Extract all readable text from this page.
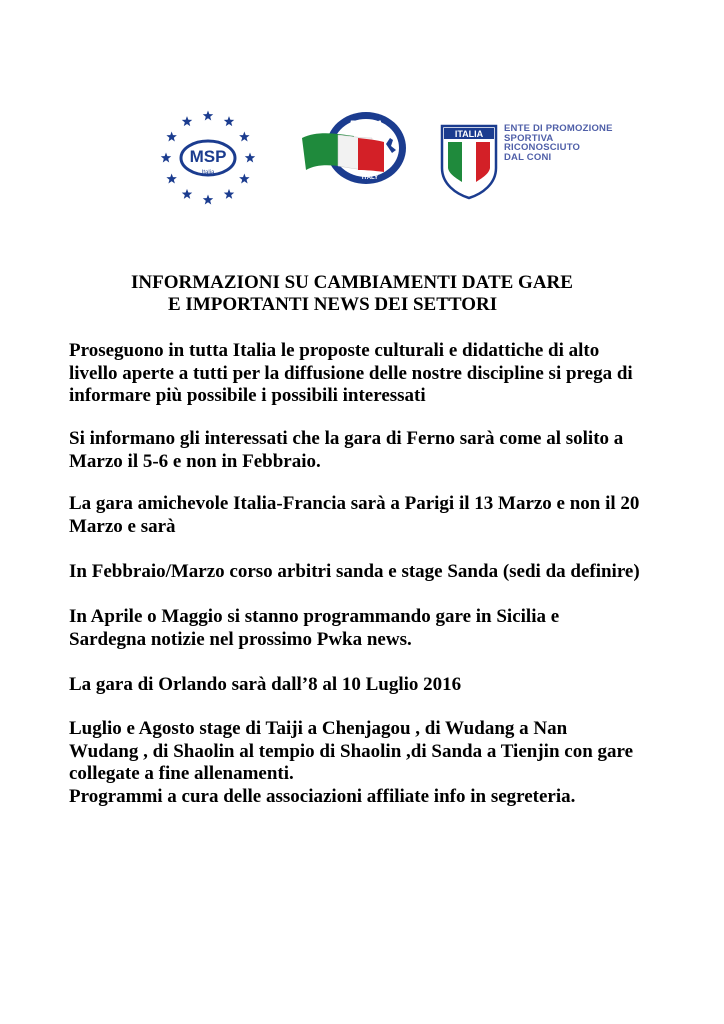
MSP
Italia
PWKA
ITALY
ITALIA ENTE DI PROMOZIONE
SPORTIVA
RICONOSCIUTO
DAL CONI
INFORMAZIONI SU CAMBIAMENTI DATE GARE
E IMPORTANTI NEWS DEI SETTORI
Proseguono in tutta Italia le proposte culturali e didattiche di alto
livello aperte a tutti per la diffusione delle nostre discipline si prega di
informare più possibile i possibili interessati
Si informano gli interessati che la gara di Ferno sarà come al solito a
Marzo il 5-6 e non in Febbraio.
La gara amichevole Italia-Francia sarà a Parigi il 13 Marzo e non il 20
Marzo e sarà
In Febbraio/Marzo corso arbitri sanda e stage Sanda (sedi da definire)
In Aprile o Maggio si stanno programmando gare in Sicilia e
Sardegna notizie nel prossimo Pwka news.
La gara di Orlando sarà dall’8 al 10 Luglio 2016
Luglio e Agosto stage di Taiji a Chenjagou , di Wudang a Nan
Wudang , di Shaolin al tempio di Shaolin ,di Sanda a Tienjin con gare
collegate a fine allenamenti.
Programmi a cura delle associazioni affiliate info in segreteria.
